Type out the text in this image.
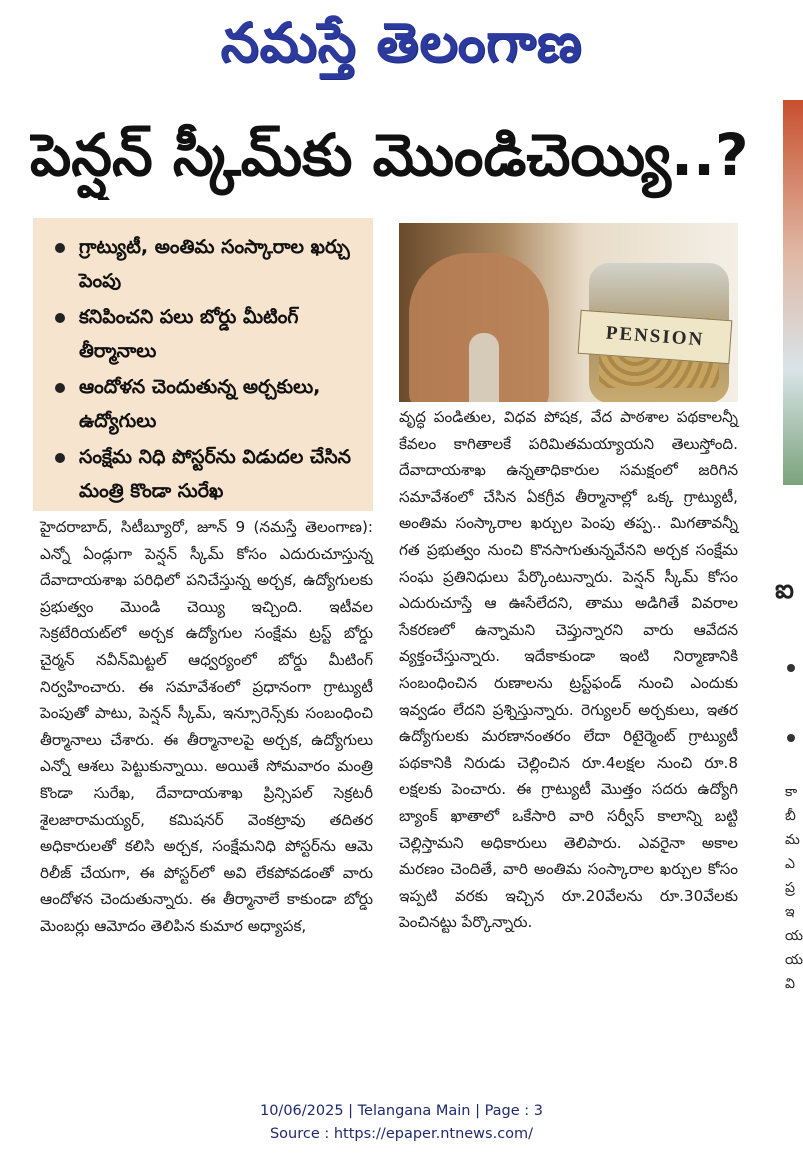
నమస్తే తెలంగాణ
పెన్షన్ స్కీమ్‌కు మొండిచెయ్యి..?
గ్రాట్యుటీ, అంతిమ సంస్కారాల ఖర్చు పెంపు
కనిపించని పలు బోర్డు మీటింగ్ తీర్మానాలు
ఆందోళన చెందుతున్న అర్చకులు, ఉద్యోగులు
సంక్షేమ నిధి పోస్టర్‌ను విడుదల చేసిన మంత్రి కొండా సురేఖ
PENSION
హైదరాబాద్, సిటీబ్యూరో, జూన్ 9 (నమస్తే తెలంగాణ): ఎన్నో ఏండ్లుగా పెన్షన్ స్కీమ్ కోసం ఎదురుచూస్తున్న దేవాదాయశాఖ పరిధిలో పనిచేస్తున్న అర్చక, ఉద్యోగులకు ప్రభుత్వం మొండి చెయ్యి ఇచ్చింది. ఇటీవల సెక్రటేరియట్‌లో అర్చక ఉద్యోగుల సంక్షేమ ట్రస్ట్ బోర్డు చైర్మన్ నవీన్‌మిట్టల్ ఆధ్వర్యంలో బోర్డు మీటింగ్ నిర్వహించారు. ఈ సమావేశంలో ప్రధానంగా గ్రాట్యుటీ పెంపుతో పాటు, పెన్షన్ స్కీమ్, ఇన్సూరెన్స్‌కు సంబంధించి తీర్మానాలు చేశారు. ఈ తీర్మానాలపై అర్చక, ఉద్యోగులు ఎన్నో ఆశలు పెట్టుకున్నాయి. అయితే సోమవారం మంత్రి కొండా సురేఖ, దేవాదాయశాఖ ప్రిన్సిపల్ సెక్రటరీ శైలజారామయ్యర్, కమిషనర్ వెంకట్రావు తదితర అధికారులతో కలిసి అర్చక, సంక్షేమనిధి పోస్టర్‌ను ఆమె రిలీజ్ చేయగా, ఈ పోస్టర్‌లో అవి లేకపోవడంతో వారు ఆందోళన చెందుతున్నారు. ఈ తీర్మానాలే కాకుండా బోర్డు మెంబర్లు ఆమోదం తెలిపిన కుమార అధ్యాపక,
వృద్ధ పండితుల, విధవ పోషక, వేద పాఠశాల పథకాలన్నీ కేవలం కాగితాలకే పరిమితమయ్యాయని తెలుస్తోంది. దేవాదాయశాఖ ఉన్నతాధికారుల సమక్షంలో జరిగిన సమావేశంలో చేసిన ఏకగ్రీవ తీర్మానాల్లో ఒక్క గ్రాట్యుటీ, అంతిమ సంస్కారాల ఖర్చుల పెంపు తప్ప.. మిగతావన్నీ గత ప్రభుత్వం నుంచి కొనసాగుతున్నవేనని అర్చక సంక్షేమ సంఘ ప్రతినిధులు పేర్కొంటున్నారు. పెన్షన్ స్కీమ్ కోసం ఎదురుచూస్తే ఆ ఊసేలేదని, తాము అడిగితే వివరాల సేకరణలో ఉన్నామని చెప్తున్నారని వారు ఆవేదన వ్యక్తంచేస్తున్నారు. ఇదేకాకుండా ఇంటి నిర్మాణానికి సంబంధించిన రుణాలను ట్రస్ట్‌ఫండ్ నుంచి ఎందుకు ఇవ్వడం లేదని ప్రశ్నిస్తున్నారు. రెగ్యులర్ అర్చకులు, ఇతర ఉద్యోగులకు మరణానంతరం లేదా రిటైర్మెంట్ గ్రాట్యుటీ పథకానికి నిరుడు చెల్లించిన రూ.4లక్షల నుంచి రూ.8 లక్షలకు పెంచారు. ఈ గ్రాట్యుటీ మొత్తం సదరు ఉద్యోగి బ్యాంక్ ఖాతాలో ఒకేసారి వారి సర్వీస్ కాలాన్ని బట్టి చెల్లిస్తామని అధికారులు తెలిపారు. ఎవరైనా అకాల మరణం చెందితే, వారి అంతిమ సంస్కారాల ఖర్చుల కోసం ఇప్పటి వరకు ఇచ్చిన రూ.20వేలను రూ.30వేలకు పెంచినట్టు పేర్కొన్నారు.
ఐ

కా
బీ
మ
ఎ
ప్ర
ఇ
య
య
వి
10/06/2025 | Telangana Main | Page : 3
Source : https://epaper.ntnews.com/
